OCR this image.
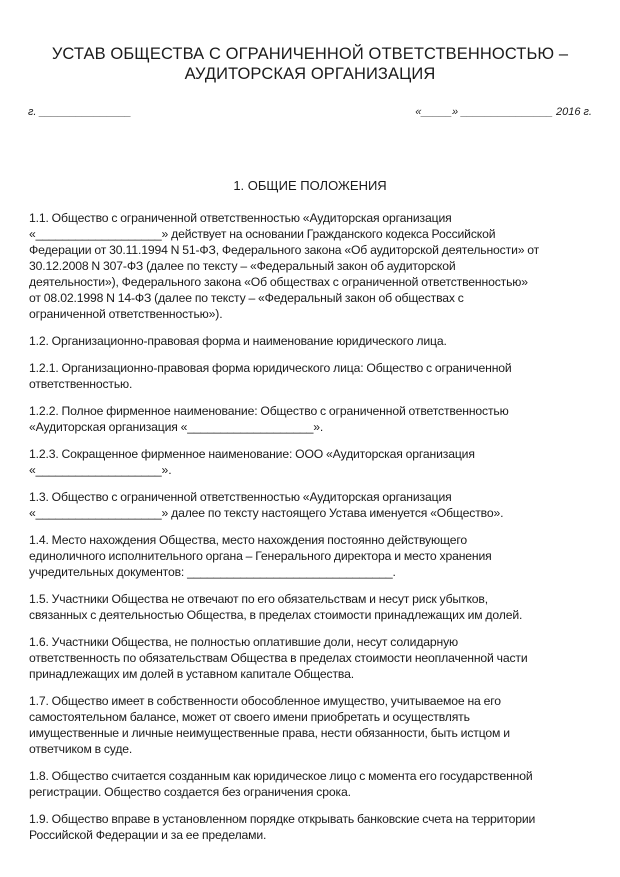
УСТАВ ОБЩЕСТВА С ОГРАНИЧЕННОЙ ОТВЕТСТВЕННОСТЬЮ –
АУДИТОРСКАЯ ОРГАНИЗАЦИЯ
г. _______________	«_____» _______________ 2016 г.
1. ОБЩИЕ ПОЛОЖЕНИЯ

1.1. Общество с ограниченной ответственностью «Аудиторская организация
«___________________» действует на основании Гражданского кодекса Российской
Федерации от 30.11.1994 N 51-ФЗ, Федерального закона «Об аудиторской деятельности» от
30.12.2008 N 307-ФЗ (далее по тексту – «Федеральный закон об аудиторской
деятельности»), Федерального закона «Об обществах с ограниченной ответственностью»
от 08.02.1998 N 14-ФЗ (далее по тексту – «Федеральный закон об обществах с
ограниченной ответственностью»).

1.2. Организационно-правовая форма и наименование юридического лица.

1.2.1. Организационно-правовая форма юридического лица: Общество с ограниченной
ответственностью.

1.2.2. Полное фирменное наименование: Общество с ограниченной ответственностью
«Аудиторская организация «___________________».

1.2.3. Сокращенное фирменное наименование: ООО «Аудиторская организация
«___________________».

1.3. Общество с ограниченной ответственностью «Аудиторская организация
«___________________» далее по тексту настоящего Устава именуется «Общество».

1.4. Место нахождения Общества, место нахождения постоянно действующего
единоличного исполнительного органа – Генерального директора и место хранения
учредительных документов: _______________________________.

1.5. Участники Общества не отвечают по его обязательствам и несут риск убытков,
связанных с деятельностью Общества, в пределах стоимости принадлежащих им долей.

1.6. Участники Общества, не полностью оплатившие доли, несут солидарную
ответственность по обязательствам Общества в пределах стоимости неоплаченной части
принадлежащих им долей в уставном капитале Общества.

1.7. Общество имеет в собственности обособленное имущество, учитываемое на его
самостоятельном балансе, может от своего имени приобретать и осуществлять
имущественные и личные неимущественные права, нести обязанности, быть истцом и
ответчиком в суде.

1.8. Общество считается созданным как юридическое лицо с момента его государственной
регистрации. Общество создается без ограничения срока.

1.9. Общество вправе в установленном порядке открывать банковские счета на территории
Российской Федерации и за ее пределами.
